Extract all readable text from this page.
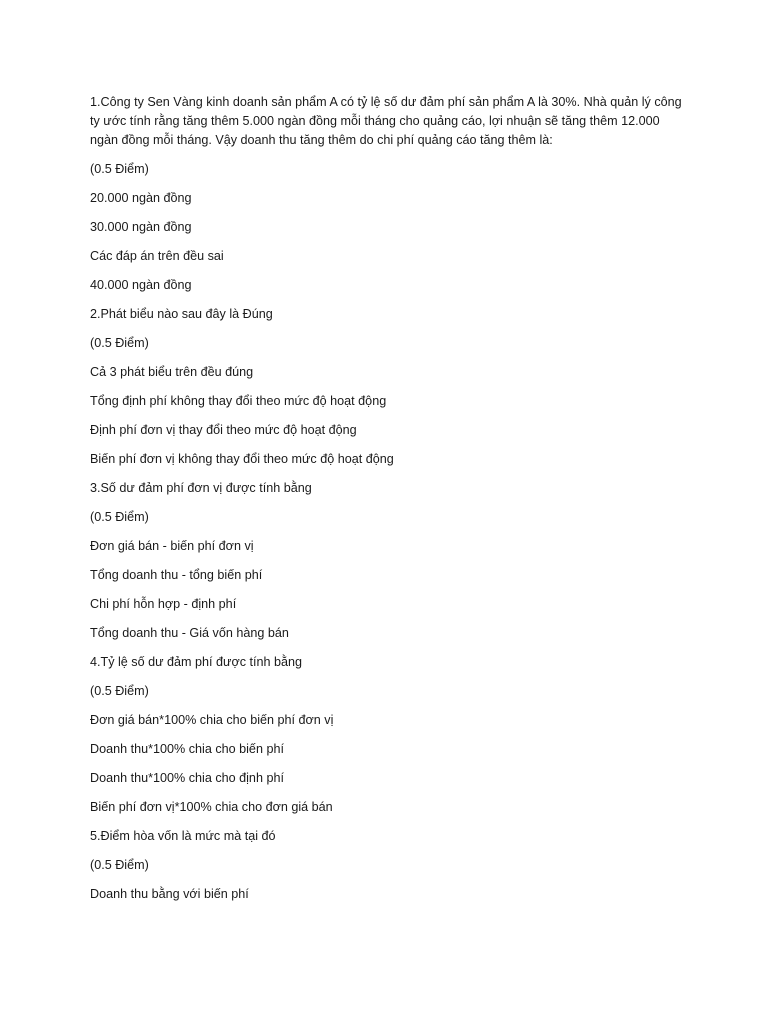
1.Công ty Sen Vàng kinh doanh sản phẩm A có tỷ lệ số dư đảm phí sản phẩm A là 30%. Nhà quản lý công ty ước tính rằng tăng thêm 5.000 ngàn đồng mỗi tháng cho quảng cáo, lợi nhuận sẽ tăng thêm 12.000 ngàn đồng mỗi tháng. Vậy doanh thu tăng thêm do chi phí quảng cáo tăng thêm là:

(0.5 Điểm)

20.000 ngàn đồng

30.000 ngàn đồng

Các đáp án trên đều sai

40.000 ngàn đồng

2.Phát biểu nào sau đây là Đúng

(0.5 Điểm)

Cả 3 phát biểu trên đều đúng

Tổng định phí không thay đổi theo mức độ hoạt động

Định phí đơn vị thay đổi theo mức độ hoạt động

Biến phí đơn vị không thay đổi theo mức độ hoạt động

3.Số dư đảm phí đơn vị được tính bằng

(0.5 Điểm)

Đơn giá bán - biến phí đơn vị

Tổng doanh thu - tổng biến phí

Chi phí hỗn hợp - định phí

Tổng doanh thu - Giá vốn hàng bán

4.Tỷ lệ số dư đảm phí được tính bằng

(0.5 Điểm)

Đơn giá bán*100% chia cho biến phí đơn vị

Doanh thu*100% chia cho biến phí

Doanh thu*100% chia cho định phí

Biến phí đơn vị*100% chia cho đơn giá bán

5.Điểm hòa vốn là mức mà tại đó

(0.5 Điểm)

Doanh thu bằng với biến phí
